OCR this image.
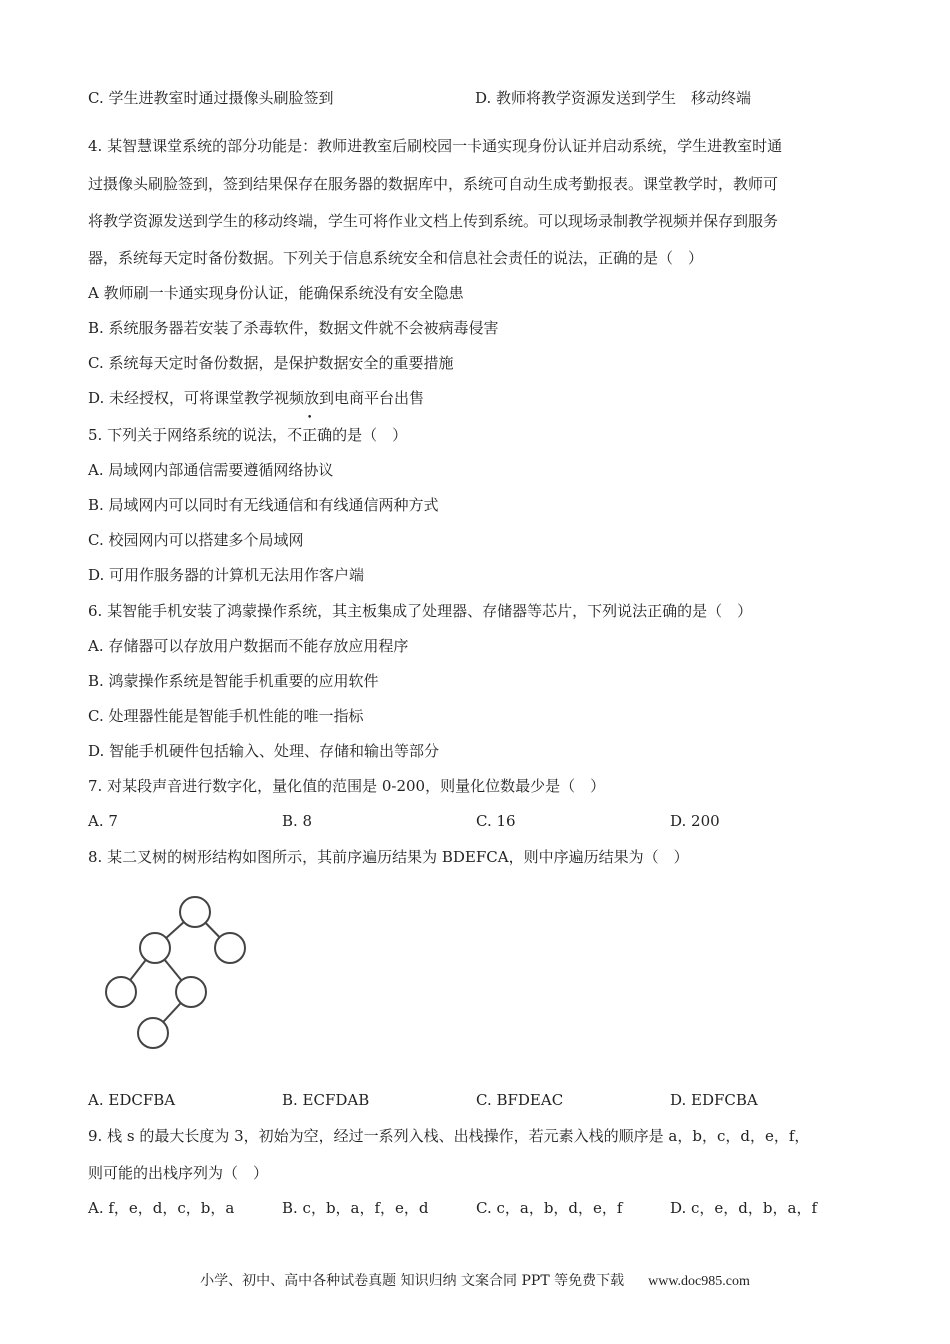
C. 学生进教室时通过摄像头刷脸签到	D. 教师将教学资源发送到学生　移动终端
4. 某智慧课堂系统的部分功能是：教师进教室后刷校园一卡通实现身份认证并启动系统，学生进教室时通
过摄像头刷脸签到，签到结果保存在服务器的数据库中，系统可自动生成考勤报表。课堂教学时，教师可
将教学资源发送到学生的移动终端，学生可将作业文档上传到系统。可以现场录制教学视频并保存到服务
器，系统每天定时备份数据。下列关于信息系统安全和信息社会责任的说法，正确的是（　）
A 教师刷一卡通实现身份认证，能确保系统没有安全隐患
B. 系统服务器若安装了杀毒软件，数据文件就不会被病毒侵害
C. 系统每天定时备份数据，是保护数据安全的重要措施
D. 未经授权，可将课堂教学视频放到电商平台出售
5. 下列关于网络系统的说法，不正确的是（　）
A. 局域网内部通信需要遵循网络协议
B. 局域网内可以同时有无线通信和有线通信两种方式
C. 校园网内可以搭建多个局域网
D. 可用作服务器的计算机无法用作客户端
6. 某智能手机安装了鸿蒙操作系统，其主板集成了处理器、存储器等芯片，下列说法正确的是（　）
A. 存储器可以存放用户数据而不能存放应用程序
B. 鸿蒙操作系统是智能手机重要的应用软件
C. 处理器性能是智能手机性能的唯一指标
D. 智能手机硬件包括输入、处理、存储和输出等部分
7. 对某段声音进行数字化，量化值的范围是 0-200，则量化位数最少是（　）
A. 7	B. 8	C. 16	D. 200
8. 某二叉树的树形结构如图所示，其前序遍历结果为 BDEFCA，则中序遍历结果为（　）
A. EDCFBA	B. ECFDAB	C. BFDEAC	D. EDFCBA
9. 栈 s 的最大长度为 3，初始为空，经过一系列入栈、出栈操作，若元素入栈的顺序是 a，b，c，d，e，f，
则可能的出栈序列为（　）
A. f，e，d，c，b，a	B. c，b，a，f，e，d	C. c，a，b，d，e，f	D. c，e，d，b，a，f
小学、初中、高中各种试卷真题 知识归纳 文案合同 PPT 等免费下载 www.doc985.com
